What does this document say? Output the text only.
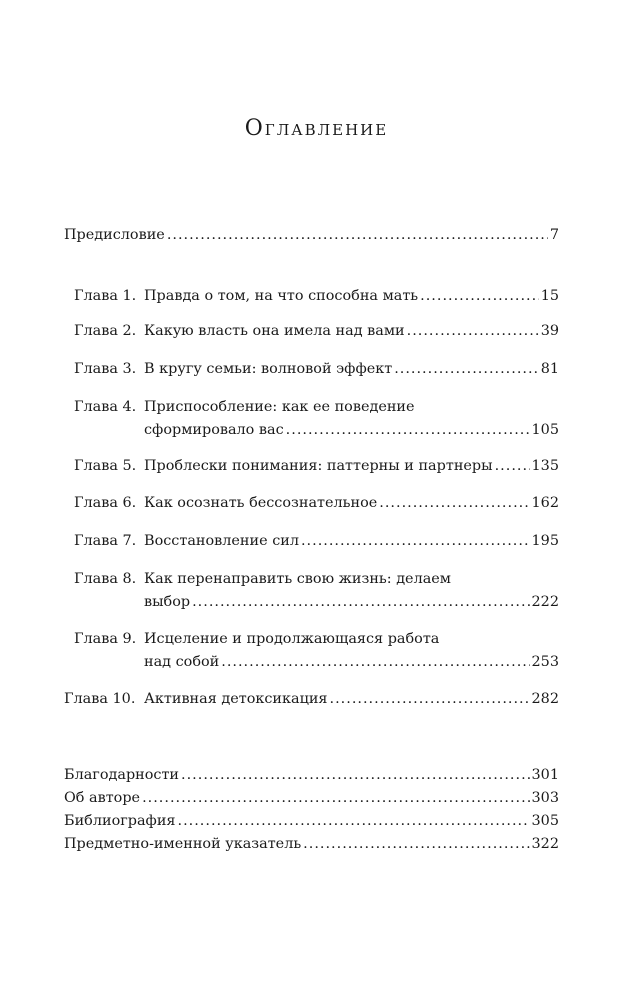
Оглавление
Предисловие .....	7
Глава 1. Правда о том, на что способна мать .....	15
Глава 2. Какую власть она имела над вами .....	39
Глава 3. В кругу семьи: волновой эффект .....	81
Глава 4. Приспособление: как ее поведение
сформировало вас .....	105
Глава 5. Проблески понимания: паттерны и партнеры .....	135
Глава 6. Как осознать бессознательное .....	162
Глава 7. Восстановление сил .....	195
Глава 8. Как перенаправить свою жизнь: делаем
выбор .....	222
Глава 9. Исцеление и продолжающаяся работа
над собой .....	253
Глава 10. Активная детоксикация .....	282
Благодарности .....	301
Об авторе .....	303
Библиография .....	305
Предметно-именной указатель .....	322
